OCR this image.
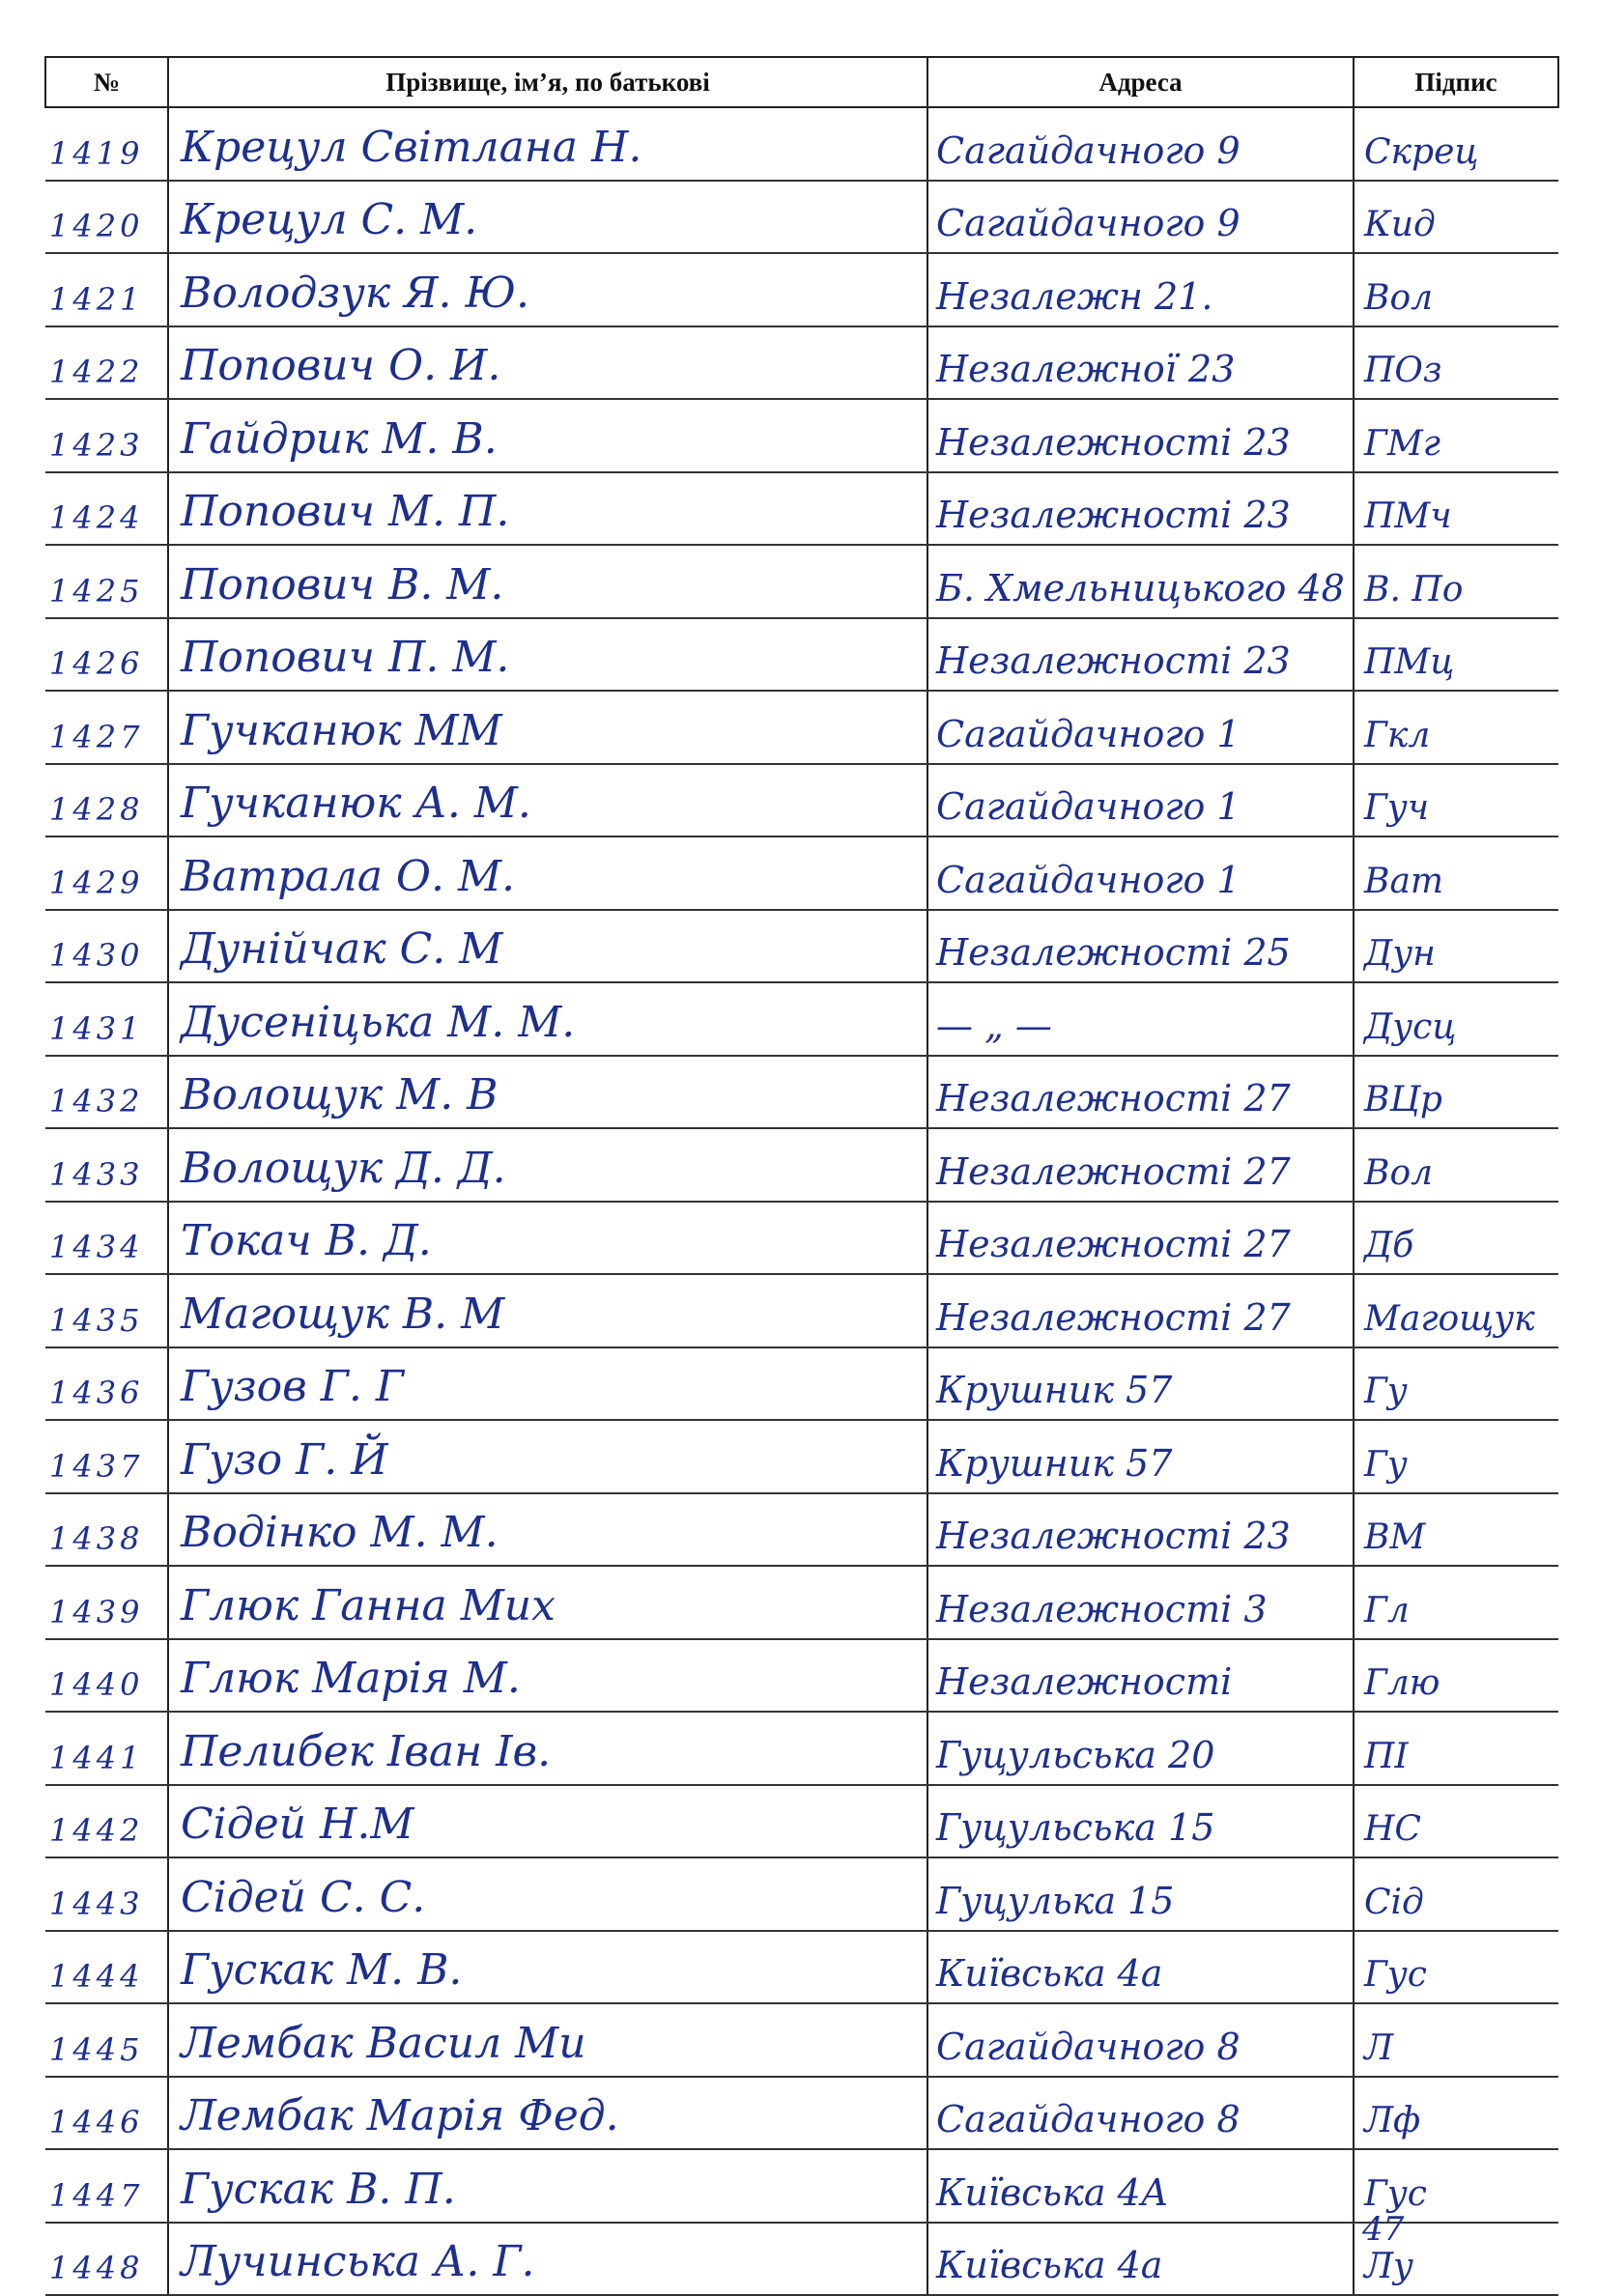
№	Прізвище, ім’я, по батькові	Адреса	Підпис
1419	Крецул Світлана Н.	Сагайдачного 9	Скрец
1420	Крецул С. М.	Сагайдачного 9	Кид
1421	Володзук Я. Ю.	Незалежн 21.	Вол
1422	Попович О. И.	Незалежної 23	ПОз
1423	Гайдрик М. В.	Незалежності 23	ГМг
1424	Попович М. П.	Незалежності 23	ПМч
1425	Попович В. М.	Б. Хмельницького 48	В. По
1426	Попович П. М.	Незалежності 23	ПМц
1427	Гучканюк ММ	Сагайдачного 1	Гкл
1428	Гучканюк А. М.	Сагайдачного 1	Гуч
1429	Ватрала О. М.	Сагайдачного 1	Ват
1430	Дунійчак С. М	Незалежності 25	Дун
1431	Дусеніцька М. М.	— „ —	Дусц
1432	Волощук М. В	Незалежності 27	ВЦр
1433	Волощук Д. Д.	Незалежності 27	Вол
1434	Токач В. Д.	Незалежності 27	Дб
1435	Магощук В. М	Незалежності 27	Магощук
1436	Гузов Г. Г	Крушник 57	Гу
1437	Гузо Г. Й	Крушник 57	Гу
1438	Водінко М. М.	Незалежності 23	ВМ
1439	Глюк Ганна Мих	Незалежності 3	Гл
1440	Глюк Марія М.	Незалежності	Глю
1441	Пелибек Іван Ів.	Гуцульська 20	ПІ
1442	Сідей Н.М	Гуцульська 15	НС
1443	Сідей С. С.	Гуцулька 15	Сід
1444	Гускак М. В.	Київська 4а	Гус
1445	Лембак Васил Ми	Сагайдачного 8	Л
1446	Лембак Марія Фед.	Сагайдачного 8	Лф
1447	Гускак В. П.	Київська 4А	Гус
1448	Лучинська А. Г.	Київська 4а	Лу
47
